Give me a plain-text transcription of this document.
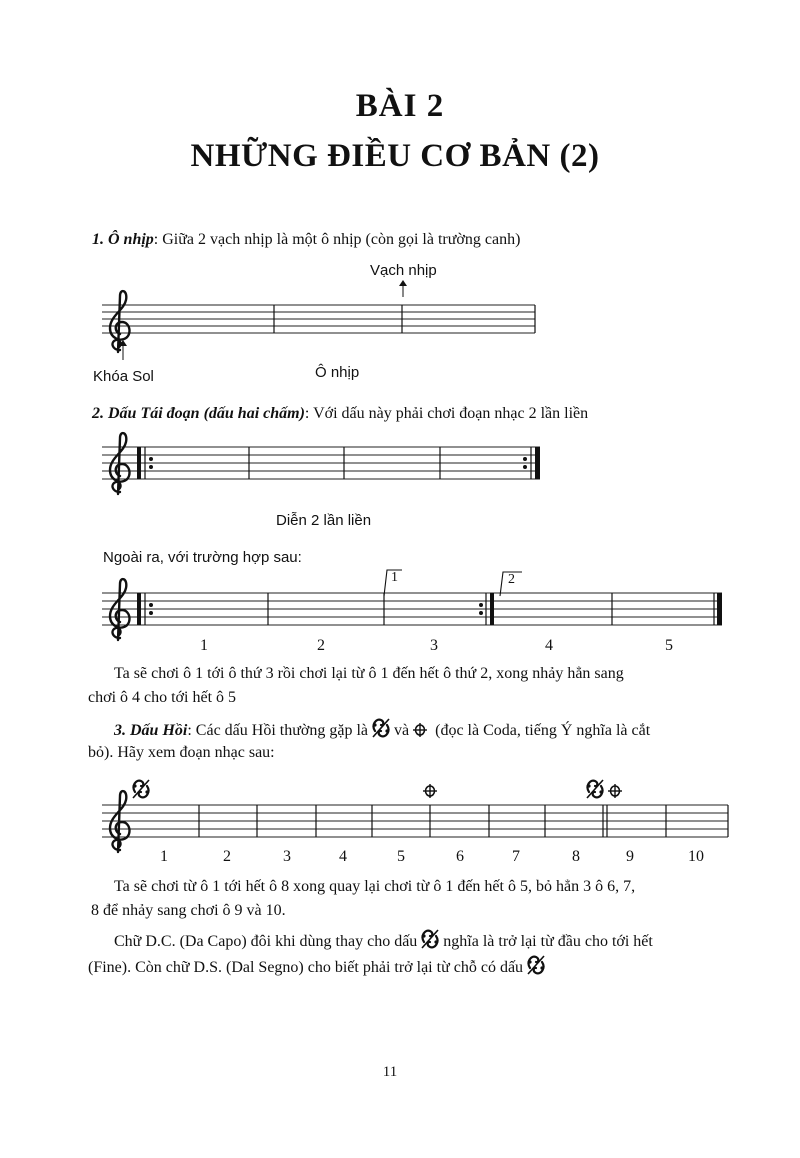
BÀI 2
NHỮNG ĐIỀU CƠ BẢN (2)
1. Ô nhịp: Giữa 2 vạch nhịp là một ô nhịp (còn gọi là trường canh)
Vạch nhịp
Khóa Sol	Ô nhịp
2. Dấu Tái đoạn (dấu hai chấm): Với dấu này phải chơi đoạn nhạc 2 lần liền
Diễn 2 lần liền
Ngoài ra, với trường hợp sau:
1	2
1	2	3	4	5
Ta sẽ chơi ô 1 tới ô thứ 3 rồi chơi lại từ ô 1 đến hết ô thứ 2, xong nhảy hẳn sang
chơi ô 4 cho tới hết ô 5
3. Dấu Hồi: Các dấu Hồi thường gặp là và (đọc là Coda, tiếng Ý nghĩa là cắt
bỏ). Hãy xem đoạn nhạc sau:
1	2	3	4	5	6	7	8	9	10
Ta sẽ chơi từ ô 1 tới hết ô 8 xong quay lại chơi từ ô 1 đến hết ô 5, bỏ hẳn 3 ô 6, 7,
8 để nhảy sang chơi ô 9 và 10.
Chữ D.C. (Da Capo) đôi khi dùng thay cho dấu nghĩa là trở lại từ đầu cho tới hết
(Fine). Còn chữ D.S. (Dal Segno) cho biết phải trở lại từ chỗ có dấu
11
